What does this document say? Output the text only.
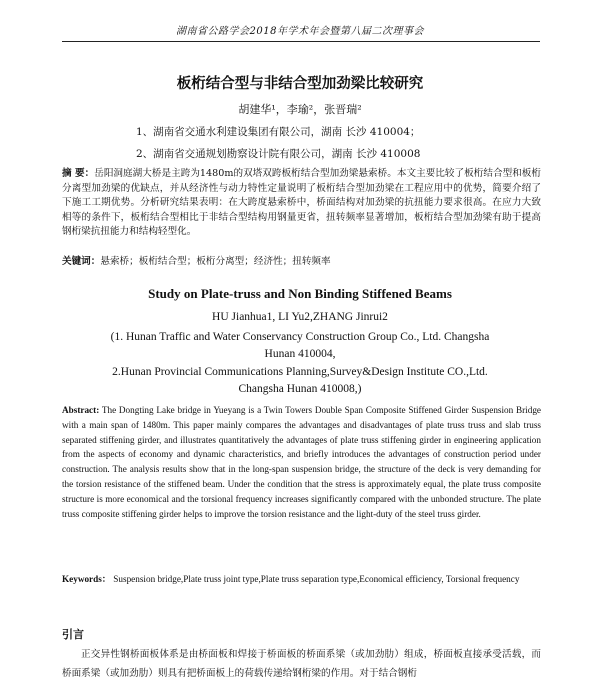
湖南省公路学会2018年学术年会暨第八届二次理事会
板桁结合型与非结合型加劲梁比较研究
胡建华¹，李瑜²，张晋瑞²
1、湖南省交通水利建设集团有限公司，湖南 长沙 410004；
2、湖南省交通规划勘察设计院有限公司，湖南 长沙 410008
摘 要：岳阳洞庭湖大桥是主跨为1480m的双塔双跨板桁结合型加劲梁悬索桥。本文主要比较了板桁结合型和板桁分离型加劲梁的优缺点，并从经济性与动力特性定量说明了板桁结合型加劲梁在工程应用中的优势，简要介绍了下施工工期优势。分析研究结果表明：在大跨度悬索桥中，桥面结构对加劲梁的抗扭能力要求很高。在应力大致相等的条件下，板桁结合型相比于非结合型结构用钢量更省，扭转频率显著增加，板桁结合型加劲梁有助于提高钢桁梁抗扭能力和结构轻型化。
关键词：悬索桥；板桁结合型；板桁分离型；经济性；扭转频率
Study on Plate-truss and Non Binding Stiffened Beams
HU Jianhua1, LI Yu2,ZHANG Jinrui2
(1. Hunan Traffic and Water Conservancy Construction Group Co., Ltd. Changsha Hunan 410004,
2.Hunan Provincial Communications Planning,Survey&Design Institute CO.,Ltd. Changsha Hunan 410008,)
Abstract: The Dongting Lake bridge in Yueyang is a Twin Towers Double Span Composite Stiffened Girder Suspension Bridge with a main span of 1480m. This paper mainly compares the advantages and disadvantages of plate truss truss and slab truss separated stiffening girder, and illustrates quantitatively the advantages of plate truss stiffening girder in engineering application from the aspects of economy and dynamic characteristics, and briefly introduces the advantages of construction period under construction. The analysis results show that in the long-span suspension bridge, the structure of the deck is very demanding for the torsion resistance of the stiffened beam. Under the condition that the stress is approximately equal, the plate truss composite structure is more economical and the torsional frequency increases significantly compared with the unbonded structure. The plate truss composite stiffening girder helps to improve the torsion resistance and the light-duty of the steel truss girder.
Keywords： Suspension bridge,Plate truss joint type,Plate truss separation type,Economical efficiency, Torsional frequency
引言
正交异性钢桥面板体系是由桥面板和焊接于桥面板的桥面系梁（或加劲肋）组成，桥面板直接承受活载，而桥面系梁（或加劲肋）则具有把桥面板上的荷载传递给钢桁梁的作用。对于结合钢桁
